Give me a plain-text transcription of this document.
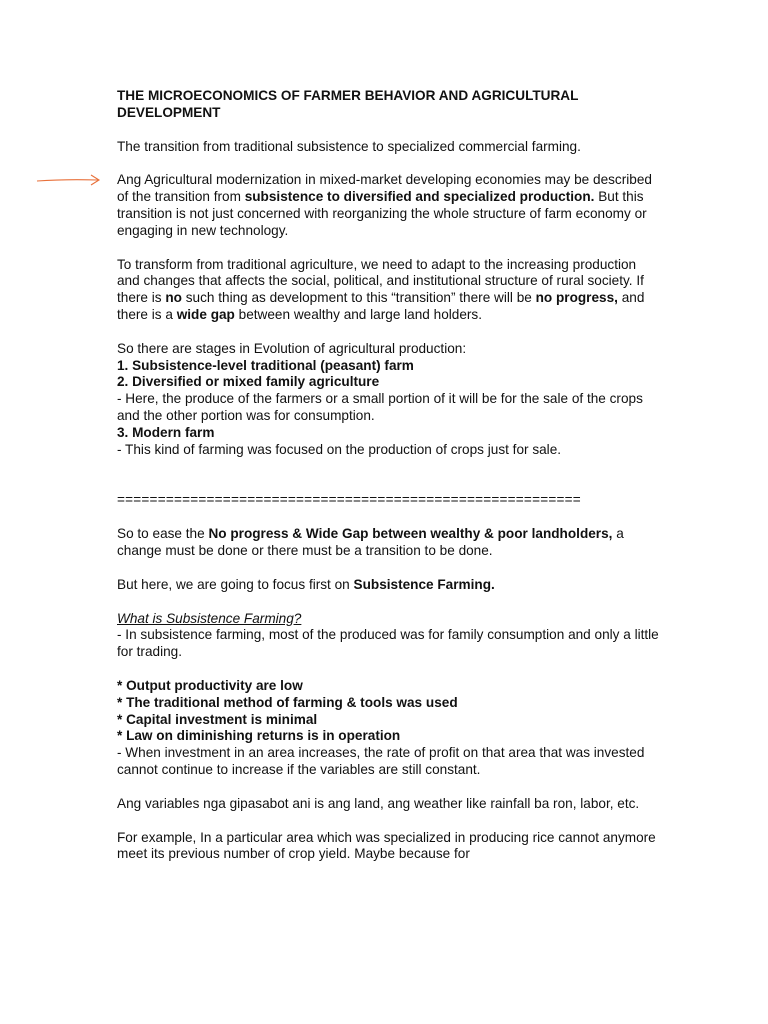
THE MICROECONOMICS OF FARMER BEHAVIOR AND AGRICULTURAL DEVELOPMENT

The transition from traditional subsistence to specialized commercial farming.

Ang Agricultural modernization in mixed-market developing economies may be described of the transition from subsistence to diversified and specialized production. But this transition is not just concerned with reorganizing the whole structure of farm economy or engaging in new technology.

To transform from traditional agriculture, we need to adapt to the increasing production and changes that affects the social, political, and institutional structure of rural society. If there is no such thing as development to this “transition” there will be no progress, and there is a wide gap between wealthy and large land holders.

So there are stages in Evolution of agricultural production:
1. Subsistence-level traditional (peasant) farm
2. Diversified or mixed family agriculture
- Here, the produce of the farmers or a small portion of it will be for the sale of the crops and the other portion was for consumption.
3. Modern farm
- This kind of farming was focused on the production of crops just for sale.
=========================================================

So to ease the No progress & Wide Gap between wealthy & poor landholders, a change must be done or there must be a transition to be done.

But here, we are going to focus first on Subsistence Farming.

What is Subsistence Farming?

- In subsistence farming, most of the produced was for family consumption and only a little for trading.

* Output productivity are low
* The traditional method of farming & tools was used
* Capital investment is minimal
* Law on diminishing returns is in operation

- When investment in an area increases, the rate of profit on that area that was invested cannot continue to increase if the variables are still constant.

Ang variables nga gipasabot ani is ang land, ang weather like rainfall ba ron, labor, etc.

For example, In a particular area which was specialized in producing rice cannot anymore meet its previous number of crop yield. Maybe because for
